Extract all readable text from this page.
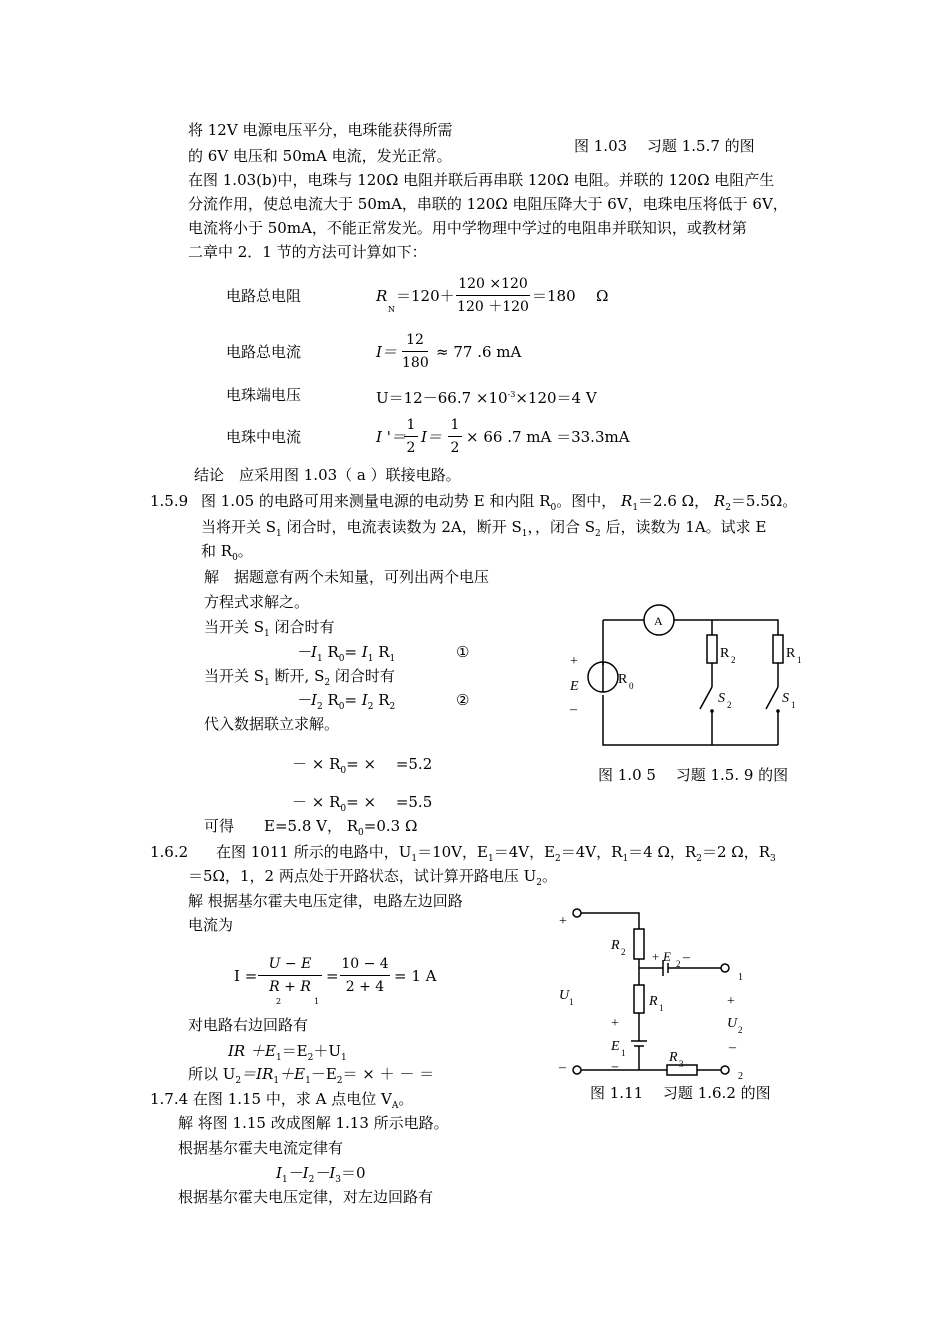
将 12V 电源电压平分，电珠能获得所需
的 6V 电压和 50mA 电流，发光正常。
图 1.03　 习题 1.5.7 的图
在图 1.03(b)中，电珠与 120Ω 电阻并联后再串联 120Ω 电阻。并联的 120Ω 电阻产生
分流作用，使总电流大于 50mA，串联的 120Ω 电阻压降大于 6V，电珠电压将低于 6V，
电流将小于 50mA，不能正常发光。用中学物理中学过的电阻串并联知识，或教材第
二章中 2．1 节的方法可计算如下：
电路总电阻	R
N
＝120＋
120 ×120
120 ＋120
＝180 Ω
电路总电流	I＝
12
180
≈ 77 .6 mA
电珠端电压	$U=12-66.7 \times 10^{-3}\times 120=4$ V
电珠中电流	I '＝
1
2
I＝
1
2
× 66 .7 mA ＝33.3mA
结论　应采用图 1.03（ a ）联接电路。
1.5.9 图 1.05 的电路可用来测量电源的电动势 E 和内阻 $R_0$。图中， $R_1=2.6$ Ω， $R_2=5.5\Omega$。
当将开关 $S_1$ 闭合时，电流表读数为 2A，断开 $S_1$，，闭合 $S_2$ 后，读数为 1A。试求 E
和 $R_0$。
解　据题意有两个未知量，可列出两个电压
方程式求解之。
当开关 $S_1$ 闭合时有
$-I_1$ $R_0= I_1$ $R_1$	①
当开关 $S_1$ 断开, $S_2$ 闭合时有
$-I_2$ $R_0= I_2$ $R_2$	②
代入数据联立求解。
－ × $R_0=$ ×　 =5.2
－ × $R_0=$ ×　 =5.5
可得　　E=5.8 V， $R_0=0.3$ Ω
A
R 2	R 1
+
E
–
R 0
S 2	S 1
图 1.0 5　 习题 1.5. 9 的图
1.6.2 在图 1011 所示的电路中，$U_1=10V$，$E_1=4V$，$E_2=4V$，$R_1=4$ Ω，$R_2=2$ Ω，$R_3$
＝5Ω，1，2 两点处于开路状态，试计算开路电压 $U_2$。
解 根据基尔霍夫电压定律，电路左边回路
电流为
I =
U − E
R + R
2	1
=
10 − 4
2 + 4
= 1 A
对电路右边回路有
IR $+E_1=E_2+U_1$
所以 $U_2=IR_1+E_1-E_2=$ × ＋ － ＝
+
R 2 + E 2 –
1
U 1	R 1	+
U 2
+
E 1	–
–	=
R 3
2
图 1.11　 习题 1.6.2 的图
1.7.4 在图 1.15 中，求 A 点电位 $V_A$。
解 将图 1.15 改成图解 1.13 所示电路。
根据基尔霍夫电流定律有
$I_1-I_2-I_3=0$
根据基尔霍夫电压定律，对左边回路有
